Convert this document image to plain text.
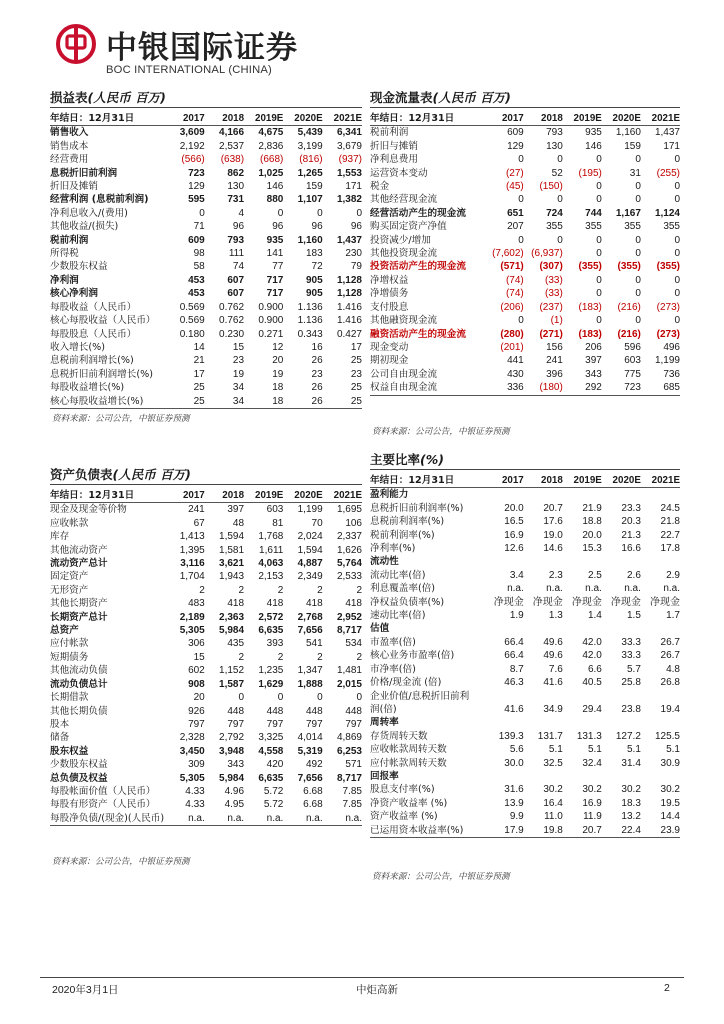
中银国际证券
BOC INTERNATIONAL (CHINA)
损益表(人民币 百万)
年结日：12月31日	2017	2018	2019E	2020E	2021E
销售收入	3,609	4,166	4,675	5,439	6,341
销售成本	2,192	2,537	2,836	3,199	3,679
经营费用	(566)	(638)	(668)	(816)	(937)
息税折旧前利润	723	862	1,025	1,265	1,553
折旧及摊销	129	130	146	159	171
经营利润 (息税前利润)	595	731	880	1,107	1,382
净利息收入/(费用)	0	4	0	0	0
其他收益/(损失)	71	96	96	96	96
税前利润	609	793	935	1,160	1,437
所得税	98	111	141	183	230
少数股东权益	58	74	77	72	79
净利润	453	607	717	905	1,128
核心净利润	453	607	717	905	1,128
每股收益（人民币）	0.569	0.762	0.900	1.136	1.416
核心每股收益（人民币）	0.569	0.762	0.900	1.136	1.416
每股股息（人民币）	0.180	0.230	0.271	0.343	0.427
收入增长(%)	14	15	12	16	17
息税前利润增长(%)	21	23	20	26	25
息税折旧前利润增长(%)	17	19	19	23	23
每股收益增长(%)	25	34	18	26	25
核心每股收益增长(%)	25	34	18	26	25
资料来源：公司公告，中银证券预测
现金流量表(人民币 百万)
年结日：12月31日	2017	2018	2019E	2020E	2021E
税前利润	609	793	935	1,160	1,437
折旧与摊销	129	130	146	159	171
净利息费用	0	0	0	0	0
运营资本变动	(27)	52	(195)	31	(255)
税金	(45)	(150)	0	0	0
其他经营现金流	0	0	0	0	0
经营活动产生的现金流	651	724	744	1,167	1,124
购买固定资产净值	207	355	355	355	355
投资减少/增加	0	0	0	0	0
其他投资现金流	(7,602)	(6,937)	0	0	0
投资活动产生的现金流	(571)	(307)	(355)	(355)	(355)
净增权益	(74)	(33)	0	0	0
净增债务	(74)	(33)	0	0	0
支付股息	(206)	(237)	(183)	(216)	(273)
其他融资现金流	0	(1)	0	0	0
融资活动产生的现金流	(280)	(271)	(183)	(216)	(273)
现金变动	(201)	156	206	596	496
期初现金	441	241	397	603	1,199
公司自由现金流	430	396	343	775	736
权益自由现金流	336	(180)	292	723	685
资料来源：公司公告，中银证券预测
主要比率(%)
年结日：12月31日	2017	2018	2019E	2020E	2021E
盈利能力					
息税折旧前利润率(%)	20.0	20.7	21.9	23.3	24.5
息税前利润率(%)	16.5	17.6	18.8	20.3	21.8
税前利润率(%)	16.9	19.0	20.0	21.3	22.7
净利率(%)	12.6	14.6	15.3	16.6	17.8
流动性					
流动比率(倍)	3.4	2.3	2.5	2.6	2.9
利息覆盖率(倍)	n.a.	n.a.	n.a.	n.a.	n.a.
净权益负债率(%)	净现金	净现金	净现金	净现金	净现金
速动比率(倍)	1.9	1.3	1.4	1.5	1.7
估值					
市盈率(倍)	66.4	49.6	42.0	33.3	26.7
核心业务市盈率(倍)	66.4	49.6	42.0	33.3	26.7
市净率(倍)	8.7	7.6	6.6	5.7	4.8
价格/现金流 (倍)	46.3	41.6	40.5	25.8	26.8
企业价值/息税折旧前利					
润(倍)	41.6	34.9	29.4	23.8	19.4
周转率					
存货周转天数	139.3	131.7	131.3	127.2	125.5
应收帐款周转天数	5.6	5.1	5.1	5.1	5.1
应付帐款周转天数	30.0	32.5	32.4	31.4	30.9
回报率					
股息支付率(%)	31.6	30.2	30.2	30.2	30.2
净资产收益率 (%)	13.9	16.4	16.9	18.3	19.5
资产收益率 (%)	9.9	11.0	11.9	13.2	14.4
已运用资本收益率(%)	17.9	19.8	20.7	22.4	23.9
资料来源：公司公告，中银证券预测
资产负债表(人民币 百万)
年结日：12月31日	2017	2018	2019E	2020E	2021E
现金及现金等价物	241	397	603	1,199	1,695
应收帐款	67	48	81	70	106
库存	1,413	1,594	1,768	2,024	2,337
其他流动资产	1,395	1,581	1,611	1,594	1,626
流动资产总计	3,116	3,621	4,063	4,887	5,764
固定资产	1,704	1,943	2,153	2,349	2,533
无形资产	2	2	2	2	2
其他长期资产	483	418	418	418	418
长期资产总计	2,189	2,363	2,572	2,768	2,952
总资产	5,305	5,984	6,635	7,656	8,717
应付帐款	306	435	393	541	534
短期债务	15	2	2	2	2
其他流动负债	602	1,152	1,235	1,347	1,481
流动负债总计	908	1,587	1,629	1,888	2,015
长期借款	20	0	0	0	0
其他长期负债	926	448	448	448	448
股本	797	797	797	797	797
储备	2,328	2,792	3,325	4,014	4,869
股东权益	3,450	3,948	4,558	5,319	6,253
少数股东权益	309	343	420	492	571
总负债及权益	5,305	5,984	6,635	7,656	8,717
每股帐面价值（人民币）	4.33	4.96	5.72	6.68	7.85
每股有形资产（人民币）	4.33	4.95	5.72	6.68	7.85
每股净负债/(现金)(人民币)	n.a.	n.a.	n.a.	n.a.	n.a.
资料来源：公司公告，中银证券预测
2020年3月1日	中炬高新	2
